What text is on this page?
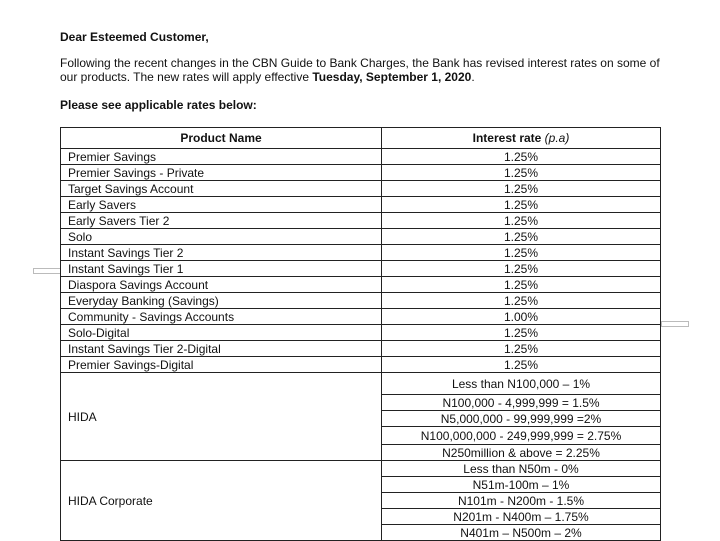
Dear Esteemed Customer,
Following the recent changes in the CBN Guide to Bank Charges, the Bank has revised interest rates on some of our products. The new rates will apply effective Tuesday, September 1, 2020.
Please see applicable rates below:
Product Name	Interest rate (p.a)
Premier Savings	1.25%
Premier Savings - Private	1.25%
Target Savings Account	1.25%
Early Savers	1.25%
Early Savers Tier 2	1.25%
Solo	1.25%
Instant Savings Tier 2	1.25%
Instant Savings Tier 1	1.25%
Diaspora Savings Account	1.25%
Everyday Banking (Savings)	1.25%
Community - Savings Accounts	1.00%
Solo-Digital	1.25%
Instant Savings Tier 2-Digital	1.25%
Premier Savings-Digital	1.25%
HIDA	Less than N100,000 – 1%
	N100,000 - 4,999,999 = 1.5%
	N5,000,000 - 99,999,999 =2%
	N100,000,000 - 249,999,999 = 2.75%
	N250million & above = 2.25%
HIDA Corporate	Less than N50m - 0%
	N51m-100m – 1%
	N101m - N200m - 1.5%
	N201m - N400m – 1.75%
	N401m – N500m – 2%
